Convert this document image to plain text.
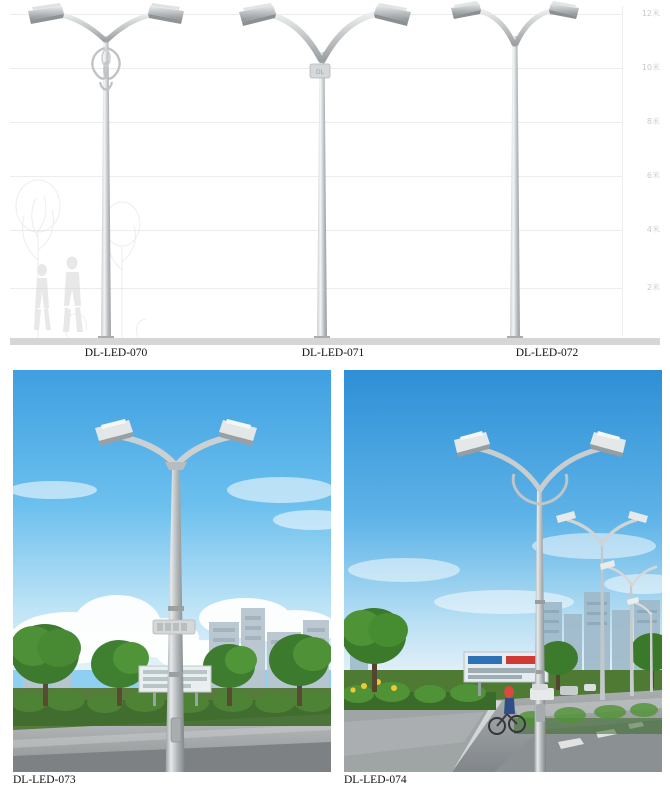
12米
10米
8米
6米
4米
2米
DL
DL-LED-070	DL-LED-071	DL-LED-072
DL-LED-073	DL-LED-074
